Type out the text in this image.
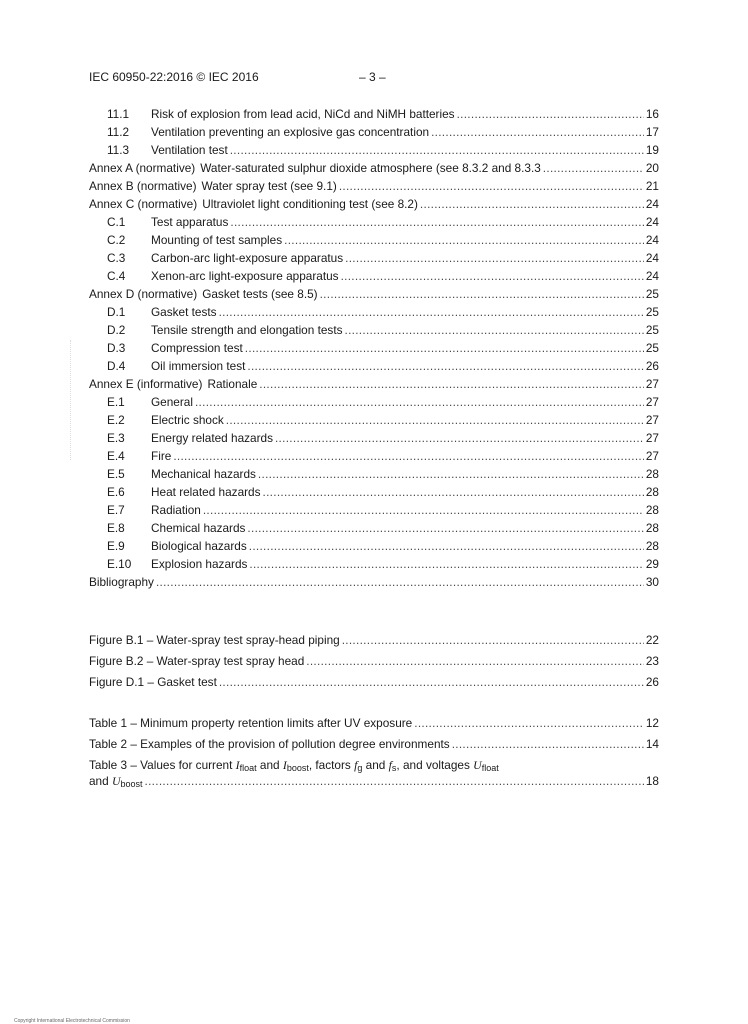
IEC 60950-22:2016 © IEC 2016	– 3 –
11.1	Risk of explosion from lead acid, NiCd and NiMH batteries .....	16
11.2	Ventilation preventing an explosive gas concentration .....	17
11.3	Ventilation test .....	19
Annex A (normative) Water-saturated sulphur dioxide atmosphere (see 8.3.2 and 8.3.3 .....	20
Annex B (normative) Water spray test (see 9.1) .....	21
Annex C (normative) Ultraviolet light conditioning test (see 8.2) .....	24
C.1	Test apparatus .....	24
C.2	Mounting of test samples .....	24
C.3	Carbon-arc light-exposure apparatus .....	24
C.4	Xenon-arc light-exposure apparatus .....	24
Annex D (normative) Gasket tests (see 8.5) .....	25
D.1	Gasket tests .....	25
D.2	Tensile strength and elongation tests .....	25
D.3	Compression test .....	25
D.4	Oil immersion test .....	26
Annex E (informative) Rationale .....	27
E.1	General .....	27
E.2	Electric shock .....	27
E.3	Energy related hazards .....	27
E.4	Fire .....	27
E.5	Mechanical hazards .....	28
E.6	Heat related hazards .....	28
E.7	Radiation .....	28
E.8	Chemical hazards .....	28
E.9	Biological hazards .....	28
E.10	Explosion hazards .....	29
Bibliography .....	30
Figure B.1 – Water-spray test spray-head piping .....	22
Figure B.2 – Water-spray test spray head .....	23
Figure D.1 – Gasket test .....	26
Table 1 – Minimum property retention limits after UV exposure .....	12
Table 2 – Examples of the provision of pollution degree environments .....	14
Table 3 – Values for current $I_{float}$ and $I_{boost}$, factors $f_g$ and $f_s$, and voltages $U_{float}$
and $U_{boost}$ .....	18
Copyright International Electrotechnical Commission
